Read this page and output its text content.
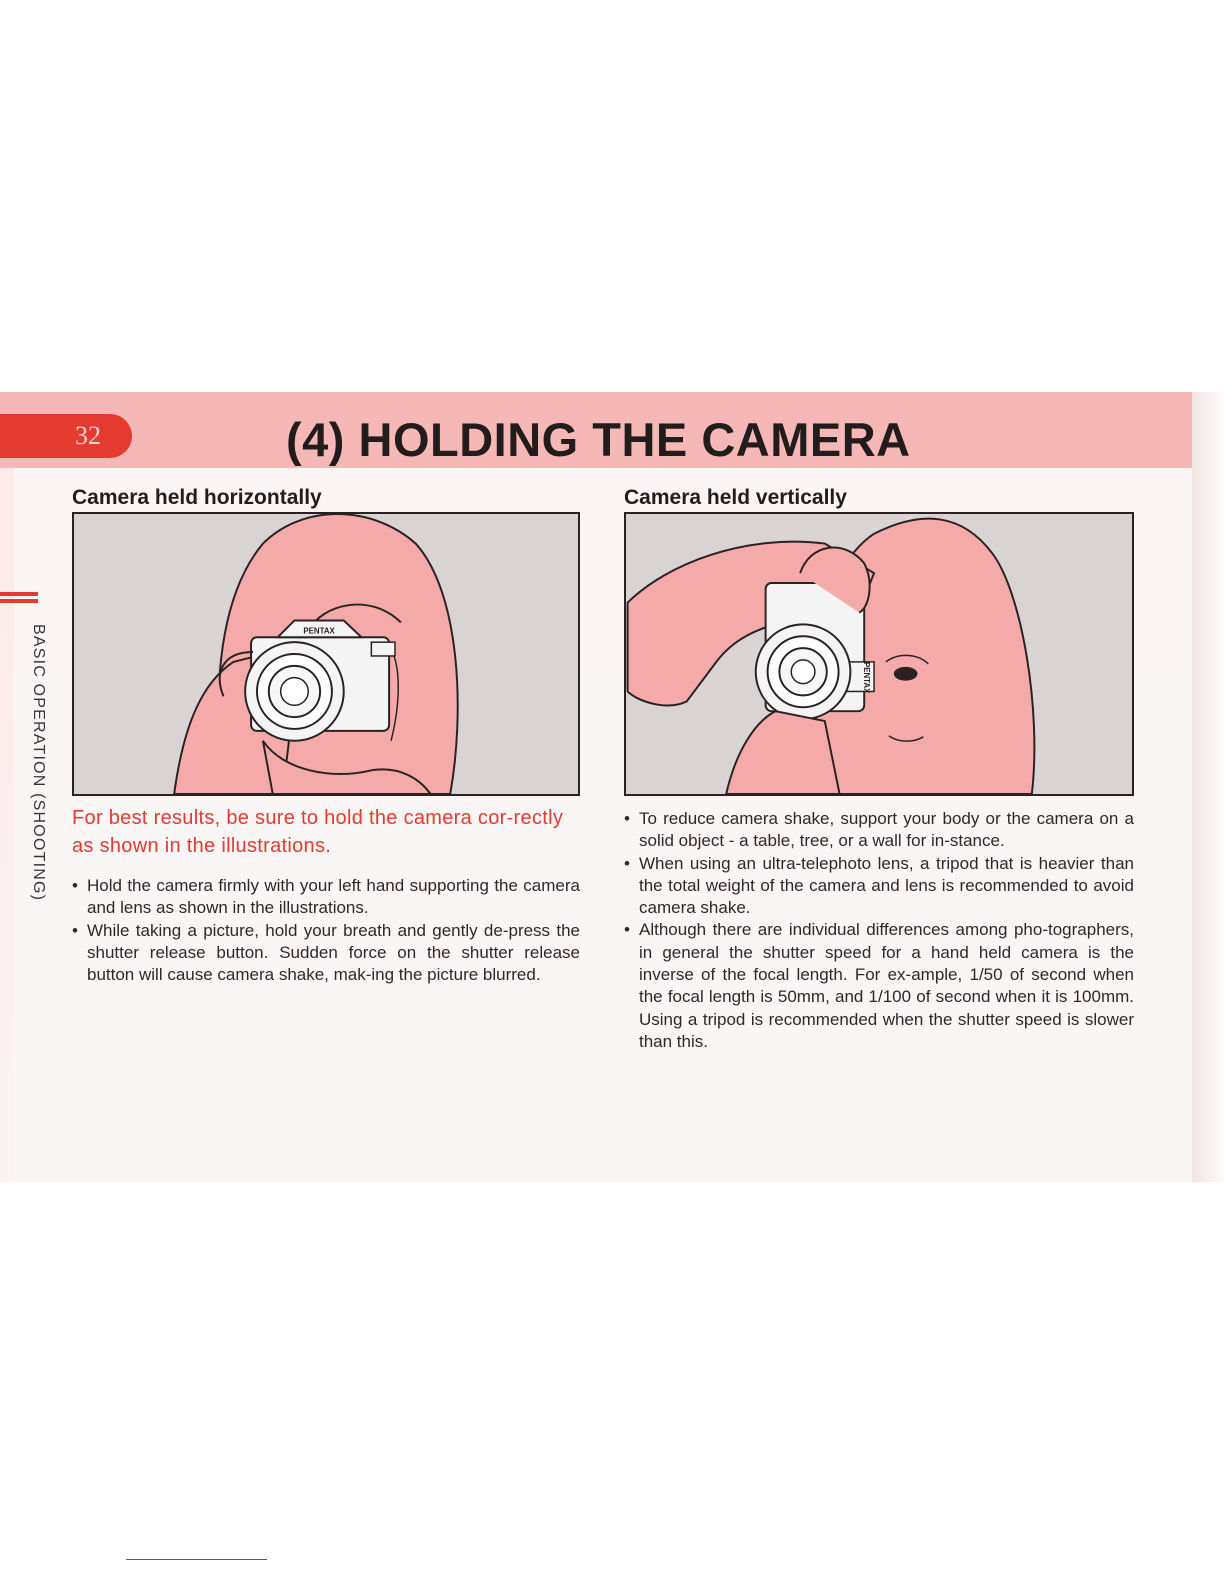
32	(4) HOLDING THE CAMERA
BASIC OPERATION (SHOOTING)
Camera held horizontally
PENTAX
For best results, be sure to hold the camera cor-rectly as shown in the illustrations.
• Hold the camera firmly with your left hand supporting the camera and lens as shown in the illustrations.
• While taking a picture, hold your breath and gently de-press the shutter release button. Sudden force on the shutter release button will cause camera shake, mak-ing the picture blurred.
Camera held vertically
PENTAX
• To reduce camera shake, support your body or the camera on a solid object - a table, tree, or a wall for in-stance.
• When using an ultra-telephoto lens, a tripod that is heavier than the total weight of the camera and lens is recommended to avoid camera shake.
• Although there are individual differences among pho-tographers, in general the shutter speed for a hand held camera is the inverse of the focal length. For ex-ample, 1/50 of second when the focal length is 50mm, and 1/100 of second when it is 100mm. Using a tripod is recommended when the shutter speed is slower than this.
